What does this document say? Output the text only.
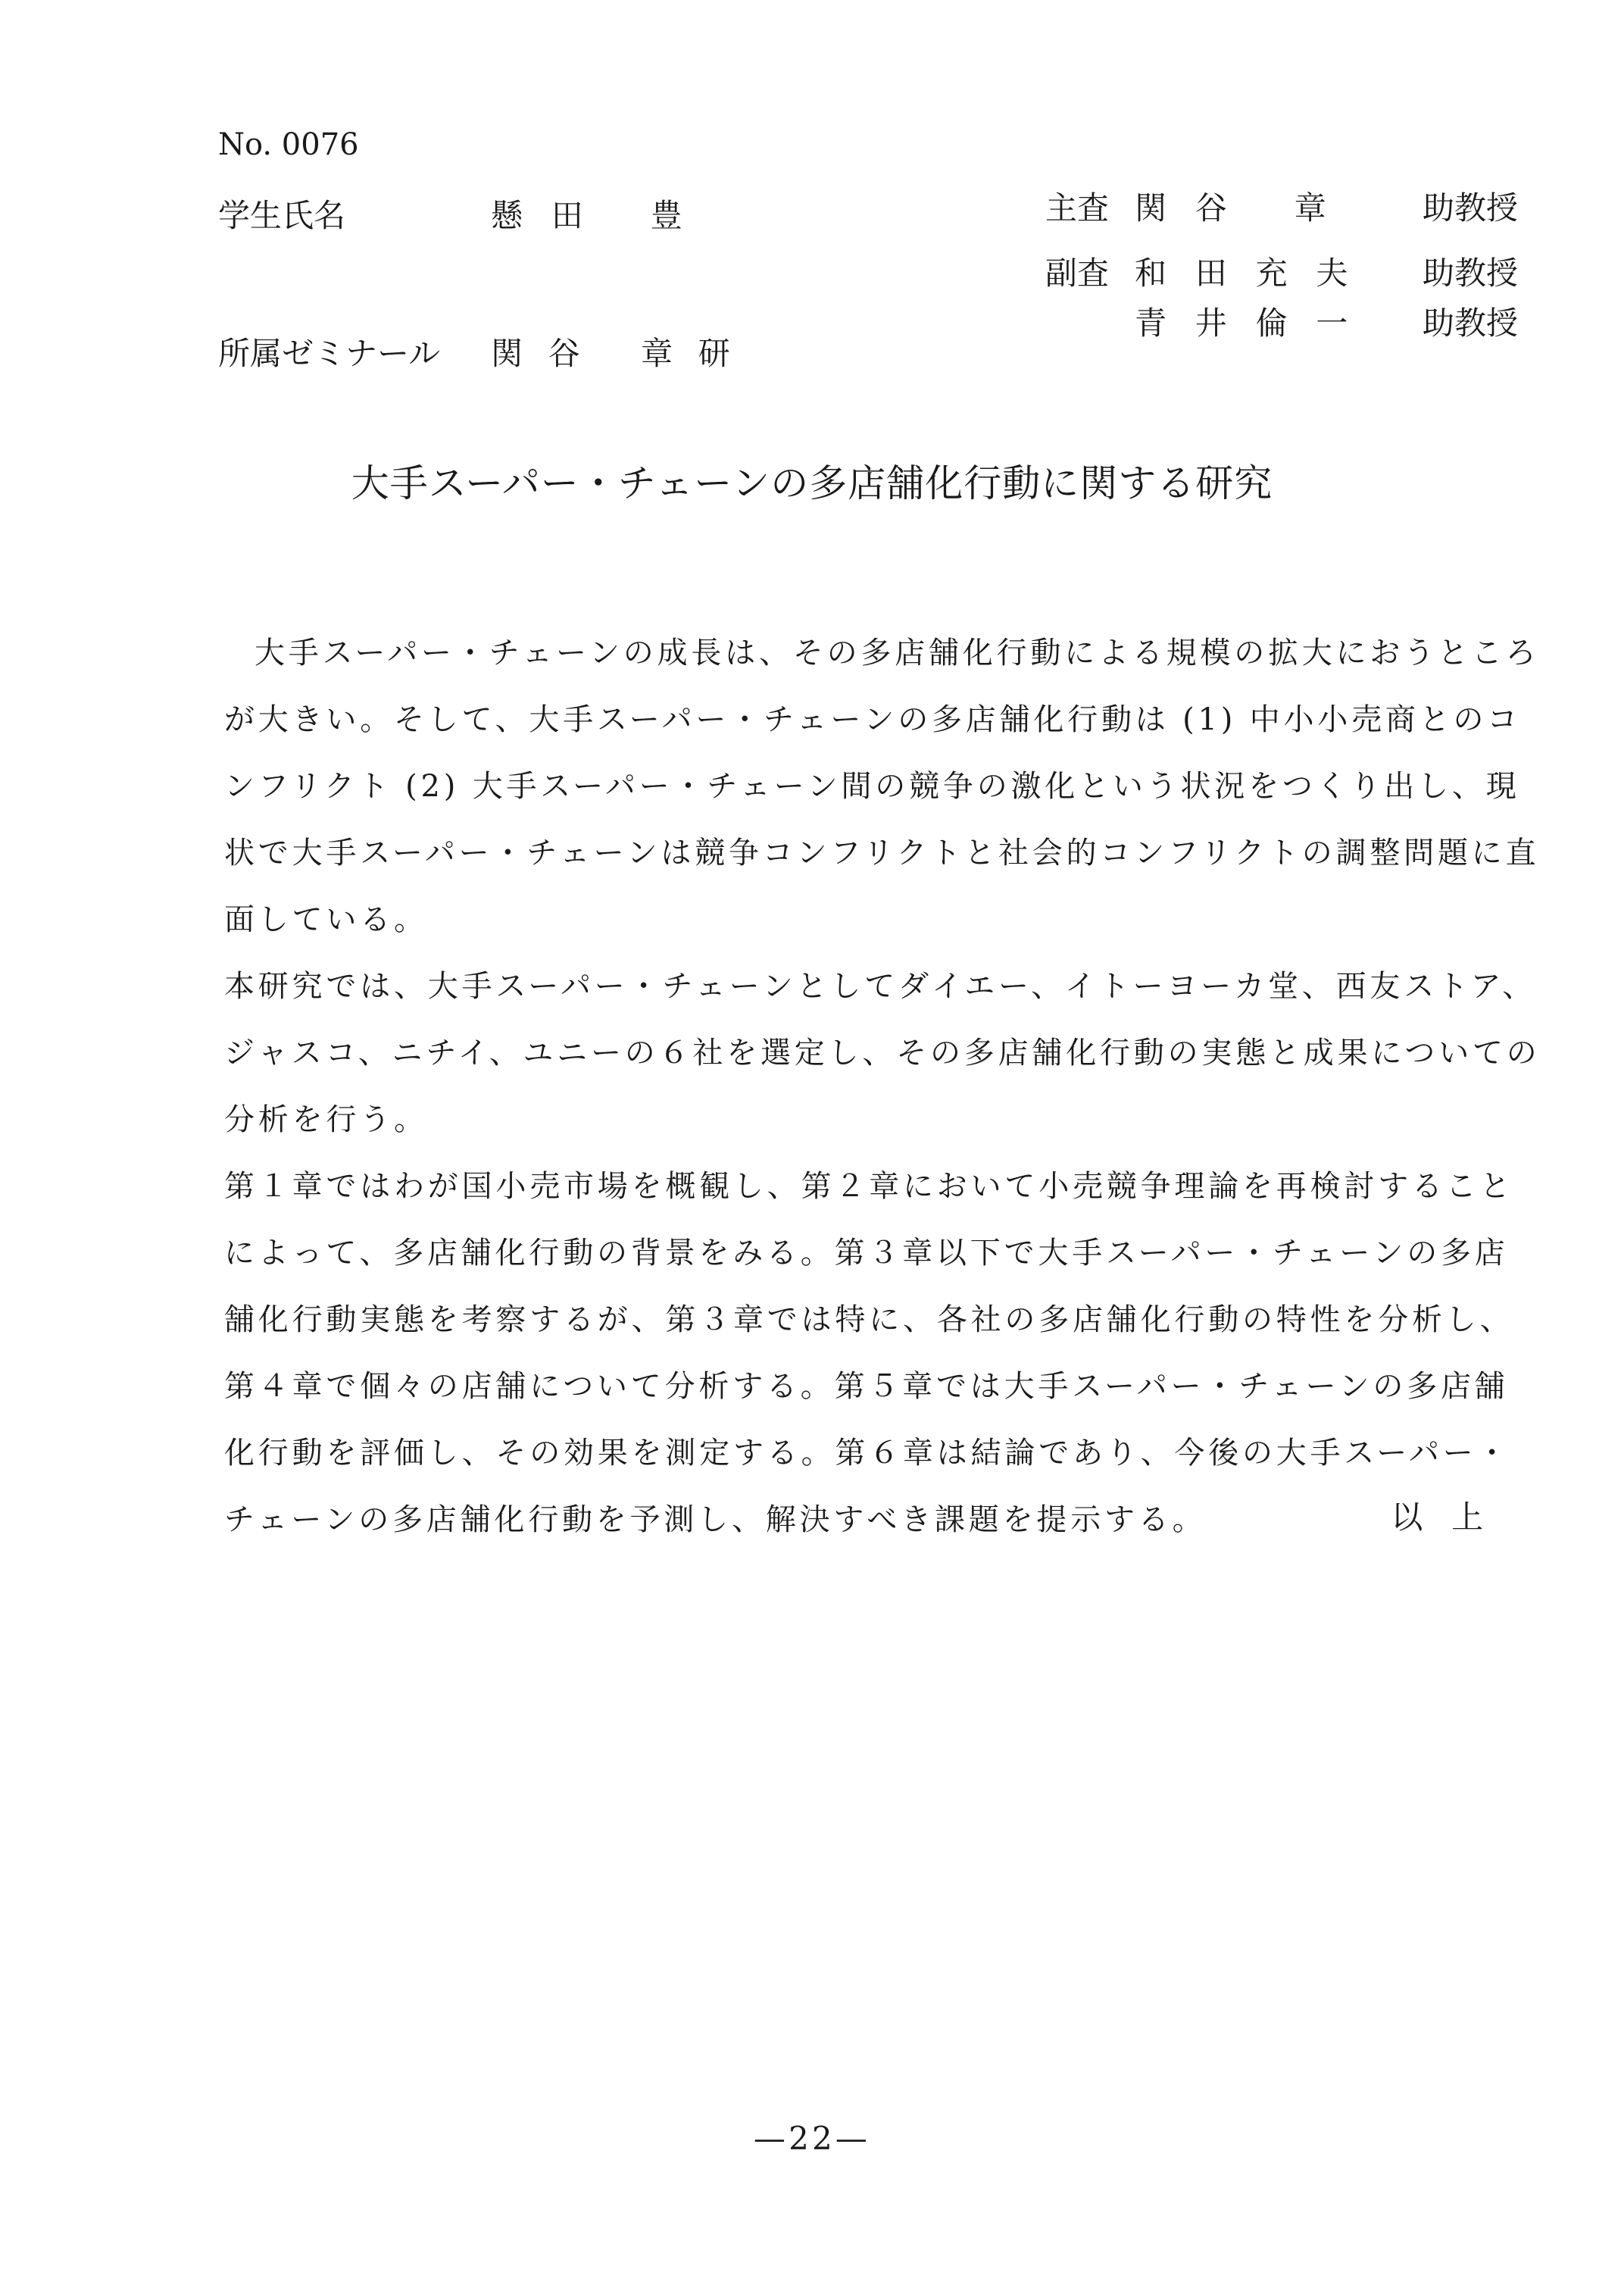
No. 0076
学生氏名	懸田 豊
所属ゼミナール 関谷 章研
主査 関谷 章 助教授
副査 和田充夫 助教授
青井倫一 助教授
大手スーパー・チェーンの多店舗化行動に関する研究

大手スーパー・チェーンの成長は、その多店舗化行動による規模の拡大におうところが大きい。そして、大手スーパー・チェーンの多店舗化行動は (1) 中小小売商とのコンフリクト (2) 大手スーパー・チェーン間の競争の激化という状況をつくり出し、現状で大手スーパー・チェーンは競争コンフリクトと社会的コンフリクトの調整問題に直面している。

本研究では、大手スーパー・チェーンとしてダイエー、イトーヨーカ堂、西友ストア、ジャスコ、ニチイ、ユニーの６社を選定し、その多店舗化行動の実態と成果についての分析を行う。

第１章ではわが国小売市場を概観し、第２章において小売競争理論を再検討することによって、多店舗化行動の背景をみる。第３章以下で大手スーパー・チェーンの多店舗化行動実態を考察するが、第３章では特に、各社の多店舗化行動の特性を分析し、第４章で個々の店舗について分析する。第５章では大手スーパー・チェーンの多店舗化行動を評価し、その効果を測定する。第６章は結論であり、今後の大手スーパー・チェーンの多店舗化行動を予測し、解決すべき課題を提示する。	以上
—22—
